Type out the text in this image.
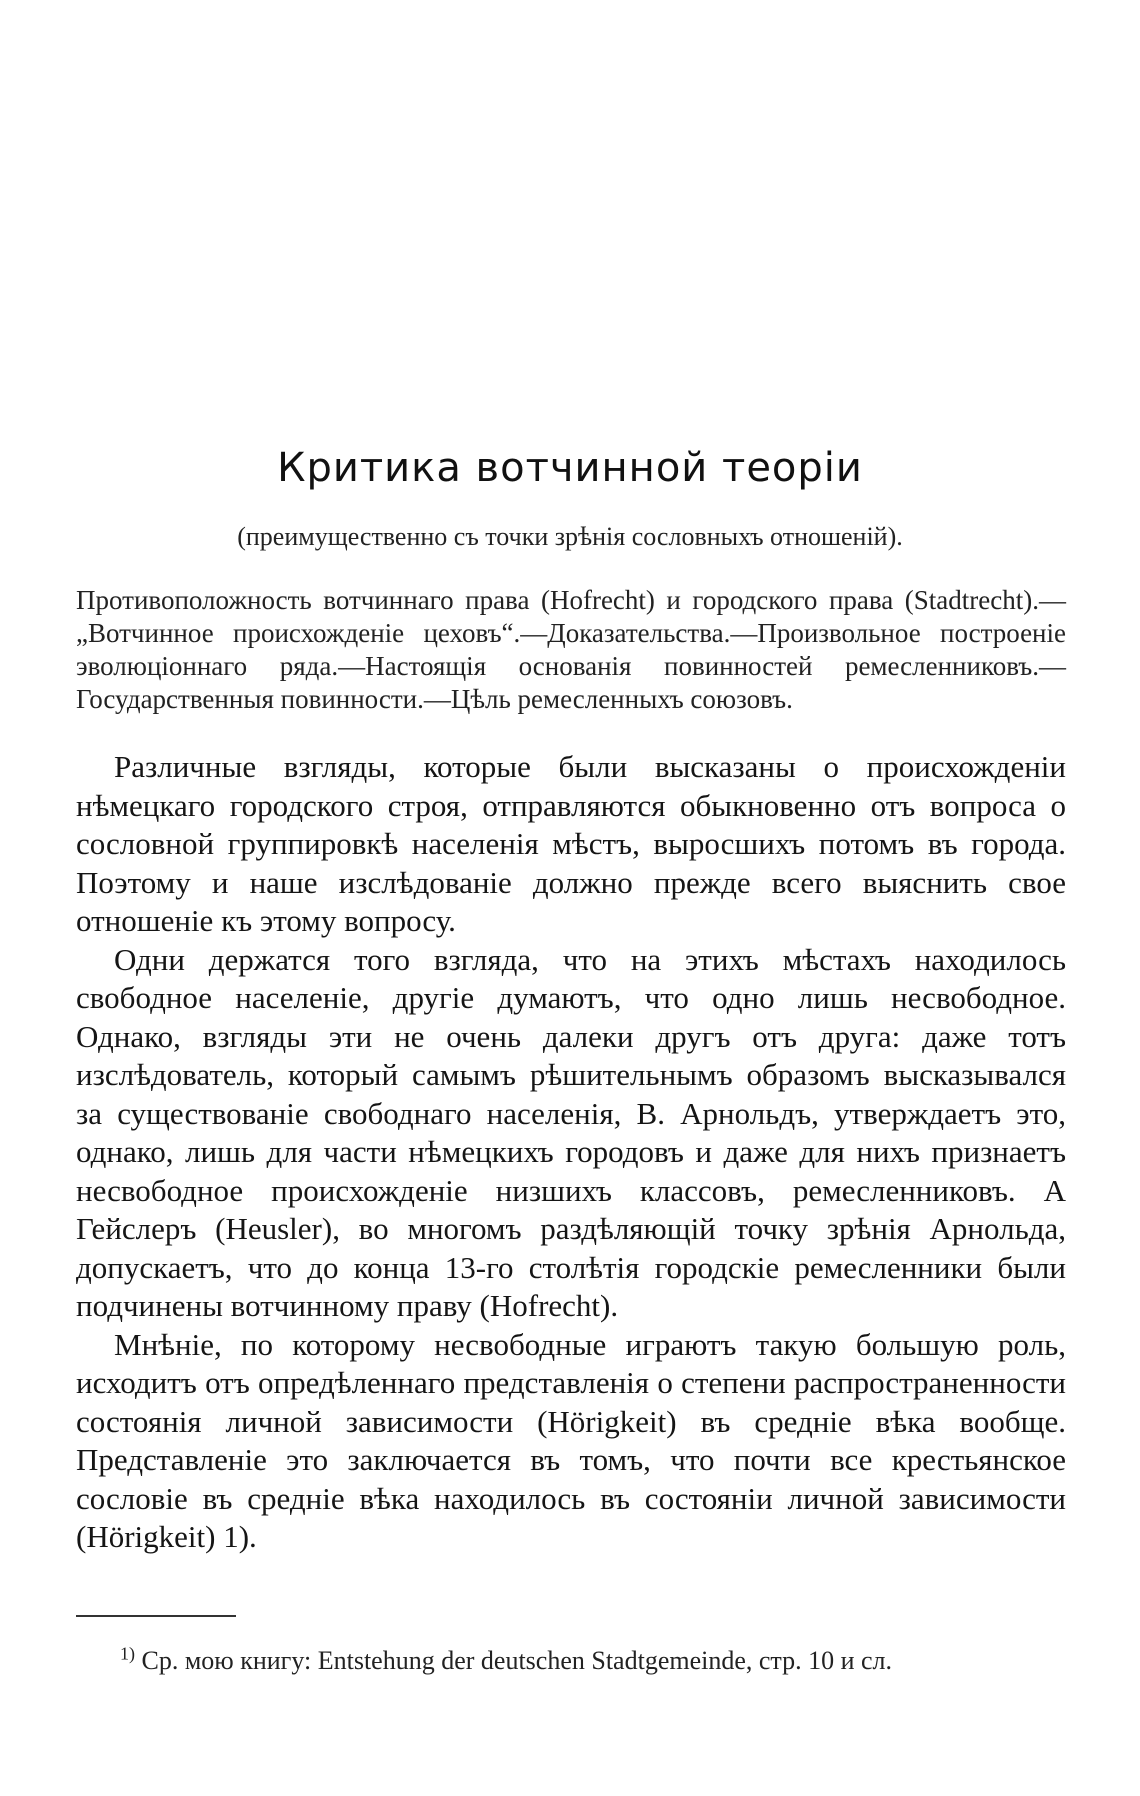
Критика вотчинной теорiи
(преимущественно съ точки зрѣнiя сословныхъ отношенiй).
Противоположность вотчиннаго права (Hofrecht) и городского права (Stadtrecht).—„Вотчинное происхожденiе цеховъ“.—Доказательства.—Произвольное построенiе эволюцiоннаго ряда.—Настоящiя основанiя повинностей ремесленниковъ.—Государственныя повинности.—Цѣль ремесленныхъ союзовъ.

Различные взгляды, которые были высказаны о происхожденiи нѣмецкаго городского строя, отправляются обыкновенно отъ вопроса о сословной группировкѣ населенiя мѣстъ, выросшихъ потомъ въ города. Поэтому и наше изслѣдованiе должно прежде всего выяснить свое отношенiе къ этому вопросу.

Одни держатся того взгляда, что на этихъ мѣстахъ находилось свободное населенiе, другiе думаютъ, что одно лишь несвободное. Однако, взгляды эти не очень далеки другъ отъ друга: даже тотъ изслѣдователь, который самымъ рѣшительнымъ образомъ высказывался за существованiе свободнаго населенiя, В. Арнольдъ, утверждаетъ это, однако, лишь для части нѣмецкихъ городовъ и даже для нихъ признаетъ несвободное происхожденiе низшихъ классовъ, ремесленниковъ. А Гейслеръ (Heusler), во многомъ раздѣляющiй точку зрѣнiя Арнольда, допускаетъ, что до конца 13-го столѣтiя городскiе ремесленники были подчинены вотчинному праву (Hofrecht).

Мнѣнiе, по которому несвободные играютъ такую большую роль, исходитъ отъ опредѣленнаго представленiя о степени распространенности состоянiя личной зависимости (Hörigkeit) въ среднiе вѣка вообще. Представленiе это заключается въ томъ, что почти все крестьянское сословiе въ среднiе вѣка находилось въ состоянiи личной зависимости (Hörigkeit) 1).

$^{1)}$ Ср. мою книгу: Entstehung der deutschen Stadtgemeinde, стр. 10 и сл.
